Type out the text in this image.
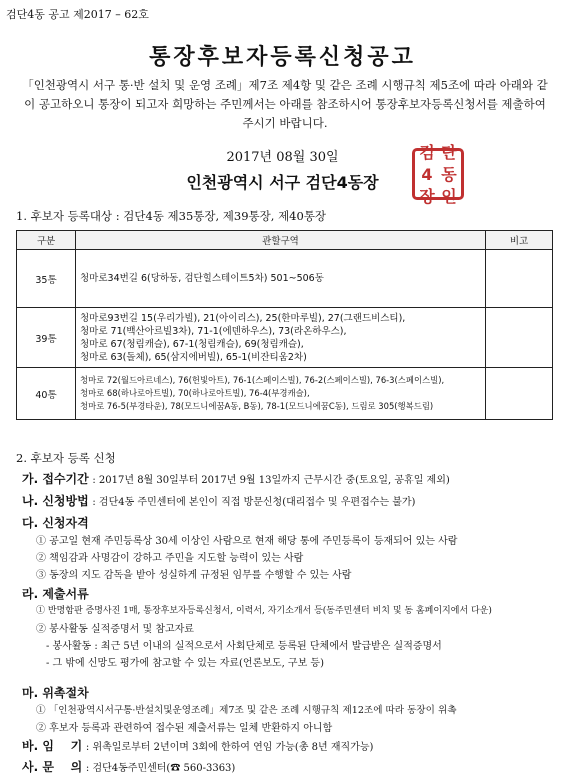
검단4동 공고 제2017 – 62호
통장후보자등록신청공고
「인천광역시 서구 통·반 설치 및 운영 조례」제7조 제4항 및 같은 조례 시행규칙 제5조에 따라 아래와 같이 공고하오니 통장이 되고자 희망하는 주민께서는 아래를 참조하시어 통장후보자등록신청서를 제출하여 주시기 바랍니다.
2017년 08월 30일
인천광역시 서구 검단4동장
검 단
4 동
장 인
1. 후보자 등록대상 : 검단4동 제35통장, 제39통장, 제40통장
구분	관할구역	비고
35통	청마로34번길 6(당하동, 검단힐스테이트5차) 501~506동	

39통	청마로93번길 15(우리가빌), 21(아이리스), 25(한마루빌), 27(그랜드비스티),
청마로 71(백산아르빌3차), 71-1(에덴하우스), 73(라온하우스),
청마로 67(청림캐슬), 67-1(청림캐슬), 69(청림캐슬),
청마로 63(돌체), 65(삼지에버빌), 65-1(비잔티움2차)	

40통	청마로 72(월드아르네스), 76(헌빛아트), 76-1(스페이스빌), 76-2(스페이스빌), 76-3(스페이스빌),
청마로 68(하나로아트빌), 70(하나로아트빌), 76-4(부경캐슬),
청마로 76-5(부경타운), 78(모드니에꿈A동, B동), 78-1(모드니에꿈C동), 드림로 305(행복드림)	

2. 후보자 등록 신청
가. 접수기간 : 2017년 8월 30일부터 2017년 9월 13일까지 근무시간 중(토요일, 공휴일 제외)
나. 신청방법 : 검단4동 주민센터에 본인이 직접 방문신청(대리접수 및 우편접수는 불가)
다. 신청자격
① 공고일 현재 주민등록상 30세 이상인 사람으로 현재 해당 통에 주민등록이 등재되어 있는 사람
② 책임감과 사명감이 강하고 주민을 지도할 능력이 있는 사람
③ 동장의 지도 감독을 받아 성실하게 규정된 임무를 수행할 수 있는 사람
라. 제출서류
① 반명함판 증명사진 1매, 통장후보자등록신청서, 이력서, 자기소개서 등(동주민센터 비치 및 동 홈페이지에서 다운)
② 봉사활동 실적증명서 및 참고자료
- 봉사활동 : 최근 5년 이내의 실적으로서 사회단체로 등록된 단체에서 발급받은 실적증명서
- 그 밖에 신망도 평가에 참고할 수 있는 자료(언론보도, 구보 등)
마. 위촉절차
① 「인천광역시서구통·반설치및운영조례」제7조 및 같은 조례 시행규칙 제12조에 따라 동장이 위촉
② 후보자 등록과 관련하여 접수된 제출서류는 일체 반환하지 아니함
바. 임    기 : 위촉일로부터 2년이며 3회에 한하여 연임 가능(총 8년 재직가능)
사. 문    의 : 검단4동주민센터(☎ 560-3363)
